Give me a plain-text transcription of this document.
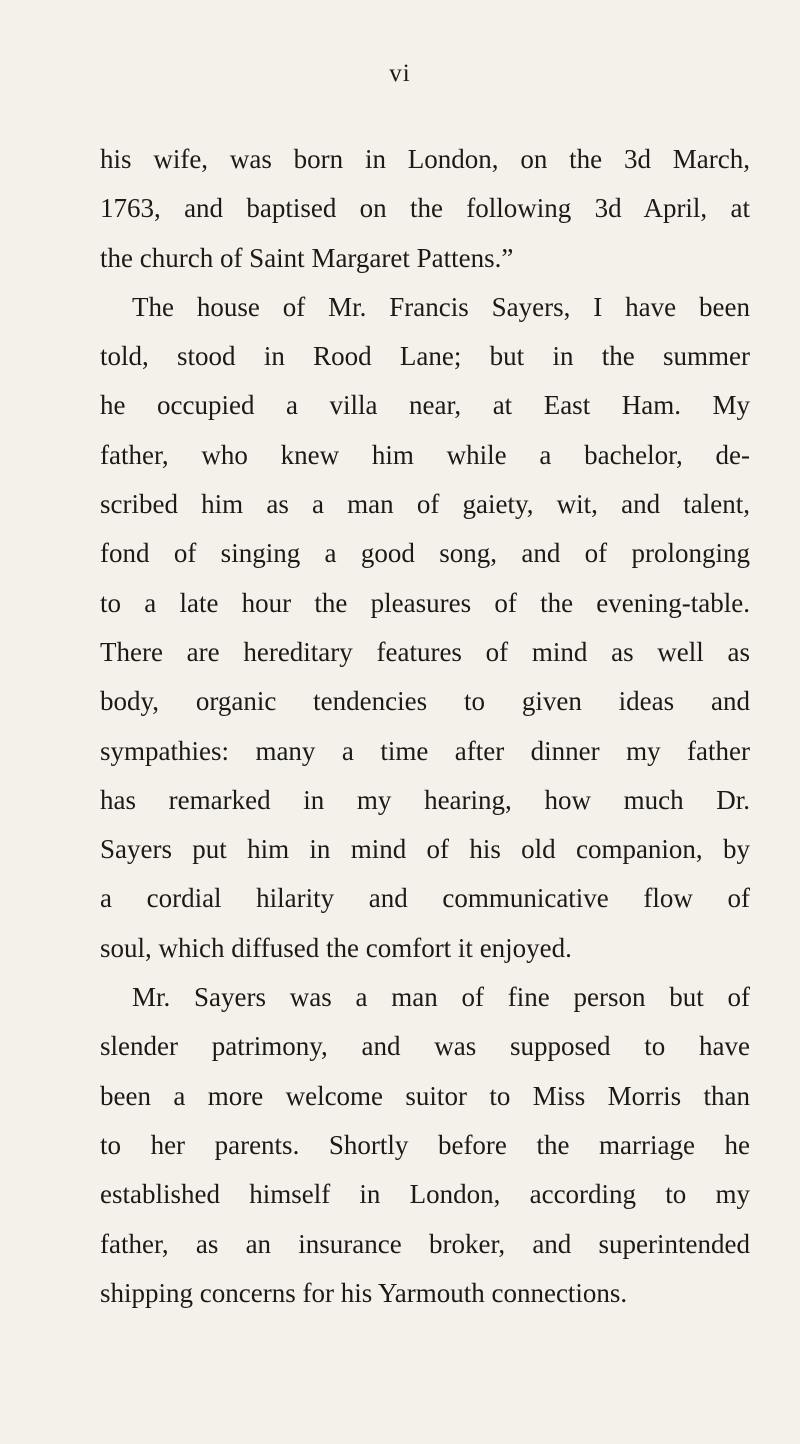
vi
his wife, was born in London, on the 3d March,
1763, and baptised on the following 3d April, at
the church of Saint Margaret Pattens.”
The house of Mr. Francis Sayers, I have been
told, stood in Rood Lane; but in the summer
he occupied a villa near, at East Ham. My
father, who knew him while a bachelor, de-
scribed him as a man of gaiety, wit, and talent,
fond of singing a good song, and of prolonging
to a late hour the pleasures of the evening-table.
There are hereditary features of mind as well as
body, organic tendencies to given ideas and
sympathies: many a time after dinner my father
has remarked in my hearing, how much Dr.
Sayers put him in mind of his old companion, by
a cordial hilarity and communicative flow of
soul, which diffused the comfort it enjoyed.
Mr. Sayers was a man of fine person but of
slender patrimony, and was supposed to have
been a more welcome suitor to Miss Morris than
to her parents. Shortly before the marriage he
established himself in London, according to my
father, as an insurance broker, and superintended
shipping concerns for his Yarmouth connections.
